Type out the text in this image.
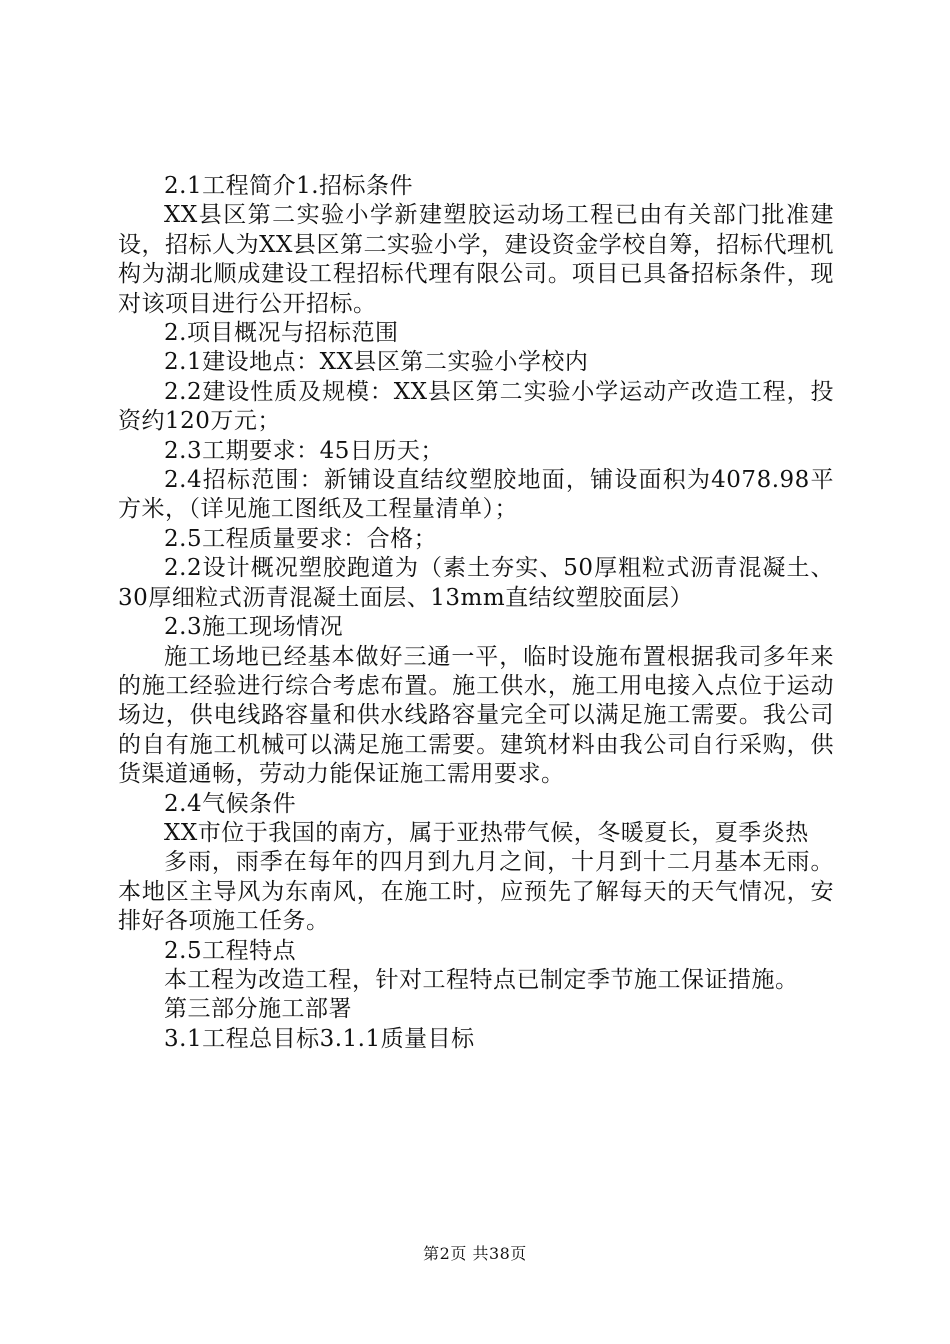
2.1工程简介1.招标条件

XX县区第二实验小学新建塑胶运动场工程已由有关部门批准建设，招标人为XX县区第二实验小学，建设资金学校自筹，招标代理机构为湖北顺成建设工程招标代理有限公司。项目已具备招标条件，现对该项目进行公开招标。

2.项目概况与招标范围

2.1建设地点：XX县区第二实验小学校内

2.2建设性质及规模：XX县区第二实验小学运动产改造工程，投资约120万元；

2.3工期要求：45日历天；

2.4招标范围：新铺设直结纹塑胶地面，铺设面积为4078.98平方米，（详见施工图纸及工程量清单）；

2.5工程质量要求：合格；

2.2设计概况塑胶跑道为（素土夯实、50厚粗粒式沥青混凝土、30厚细粒式沥青混凝土面层、13mm直结纹塑胶面层）

2.3施工现场情况

施工场地已经基本做好三通一平，临时设施布置根据我司多年来的施工经验进行综合考虑布置。施工供水，施工用电接入点位于运动场边，供电线路容量和供水线路容量完全可以满足施工需要。我公司的自有施工机械可以满足施工需要。建筑材料由我公司自行采购，供货渠道通畅，劳动力能保证施工需用要求。

2.4气候条件

XX市位于我国的南方，属于亚热带气候，冬暖夏长，夏季炎热

多雨，雨季在每年的四月到九月之间，十月到十二月基本无雨。本地区主导风为东南风，在施工时，应预先了解每天的天气情况，安排好各项施工任务。

2.5工程特点

本工程为改造工程，针对工程特点已制定季节施工保证措施。

第三部分施工部署

3.1工程总目标3.1.1质量目标

第2页 共38页
